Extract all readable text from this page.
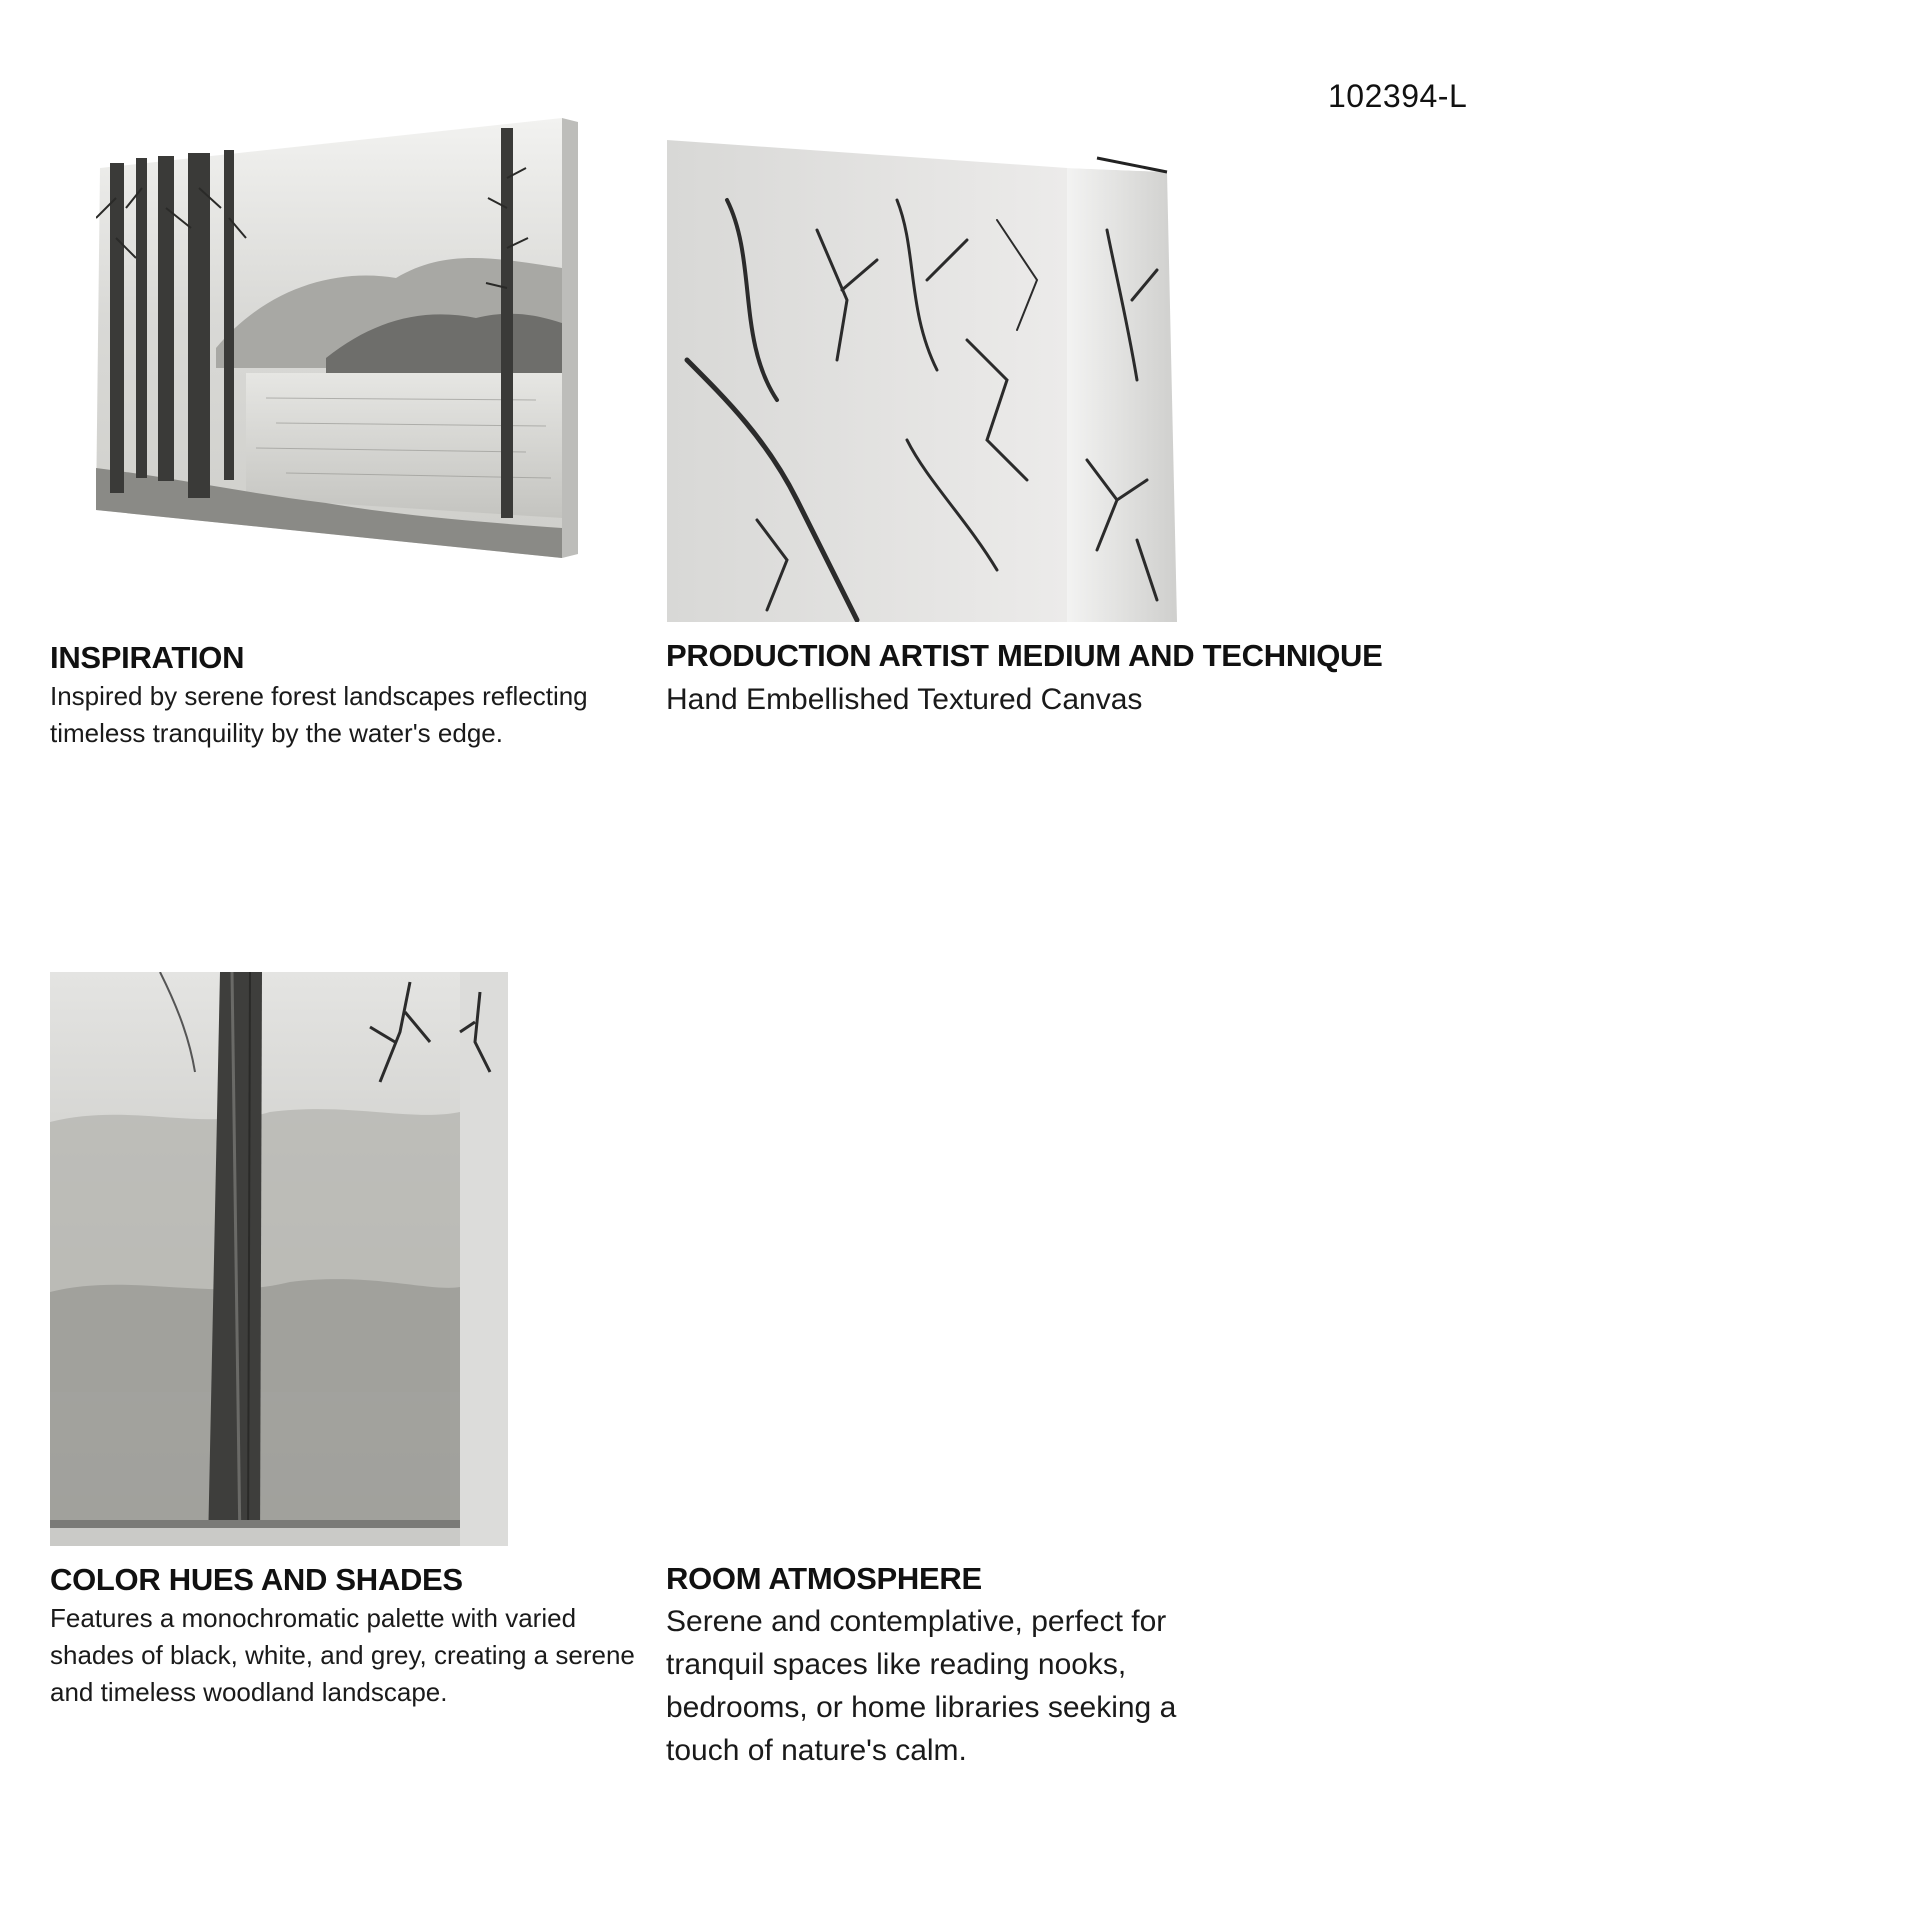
102394-L
INSPIRATION

Inspired by serene forest landscapes reflecting timeless tranquility by the water's edge.

PRODUCTION ARTIST MEDIUM AND TECHNIQUE

Hand Embellished Textured Canvas

COLOR HUES AND SHADES

Features a monochromatic palette with varied shades of black, white, and grey, creating a serene and timeless woodland landscape.

ROOM ATMOSPHERE

Serene and contemplative, perfect for tranquil spaces like reading nooks, bedrooms, or home libraries seeking a touch of nature's calm.
